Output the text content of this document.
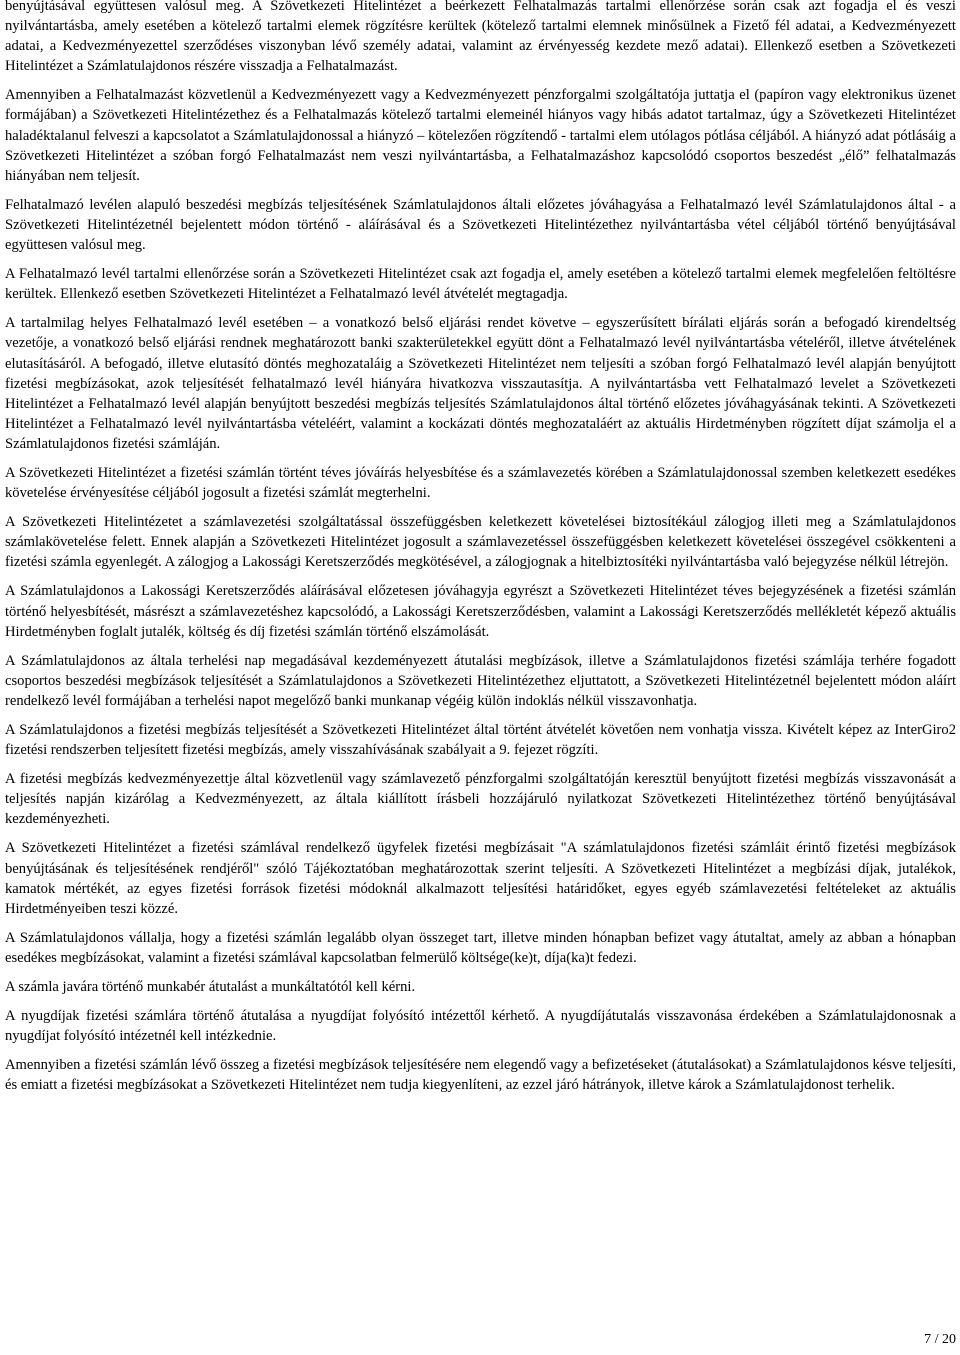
benyújtásával együttesen valósul meg. A Szövetkezeti Hitelintézet a beérkezett Felhatalmazás tartalmi ellenőrzése során csak azt fogadja el és veszi nyilvántartásba, amely esetében a kötelező tartalmi elemek rögzítésre kerültek (kötelező tartalmi elemnek minősülnek a Fizető fél adatai, a Kedvezményezett adatai, a Kedvezményezettel szerződéses viszonyban lévő személy adatai, valamint az érvényesség kezdete mező adatai). Ellenkező esetben a Szövetkezeti Hitelintézet a Számlatulajdonos részére visszadja a Felhatalmazást.

Amennyiben a Felhatalmazást közvetlenül a Kedvezményezett vagy a Kedvezményezett pénzforgalmi szolgáltatója juttatja el (papíron vagy elektronikus üzenet formájában) a Szövetkezeti Hitelintézethez és a Felhatalmazás kötelező tartalmi elemeinél hiányos vagy hibás adatot tartalmaz, úgy a Szövetkezeti Hitelintézet haladéktalanul felveszi a kapcsolatot a Számlatulajdonossal a hiányzó – kötelezően rögzítendő - tartalmi elem utólagos pótlása céljából. A hiányzó adat pótlásáig a Szövetkezeti Hitelintézet a szóban forgó Felhatalmazást nem veszi nyilvántartásba, a Felhatalmazáshoz kapcsolódó csoportos beszedést „élő” felhatalmazás hiányában nem teljesít.

Felhatalmazó levélen alapuló beszedési megbízás teljesítésének Számlatulajdonos általi előzetes jóváhagyása a Felhatalmazó levél Számlatulajdonos által - a Szövetkezeti Hitelintézetnél bejelentett módon történő - aláírásával és a Szövetkezeti Hitelintézethez nyilvántartásba vétel céljából történő benyújtásával együttesen valósul meg.

A Felhatalmazó levél tartalmi ellenőrzése során a Szövetkezeti Hitelintézet csak azt fogadja el, amely esetében a kötelező tartalmi elemek megfelelően feltöltésre kerültek. Ellenkező esetben Szövetkezeti Hitelintézet a Felhatalmazó levél átvételét megtagadja.

A tartalmilag helyes Felhatalmazó levél esetében – a vonatkozó belső eljárási rendet követve – egyszerűsített bírálati eljárás során a befogadó kirendeltség vezetője, a vonatkozó belső eljárási rendnek meghatározott banki szakterületekkel együtt dönt a Felhatalmazó levél nyilvántartásba vételéről, illetve átvételének elutasításáról. A befogadó, illetve elutasító döntés meghozataláig a Szövetkezeti Hitelintézet nem teljesíti a szóban forgó Felhatalmazó levél alapján benyújtott fizetési megbízásokat, azok teljesítését felhatalmazó levél hiányára hivatkozva visszautasítja. A nyilvántartásba vett Felhatalmazó levelet a Szövetkezeti Hitelintézet a Felhatalmazó levél alapján benyújtott beszedési megbízás teljesítés Számlatulajdonos által történő előzetes jóváhagyásának tekinti. A Szövetkezeti Hitelintézet a Felhatalmazó levél nyilvántartásba vételéért, valamint a kockázati döntés meghozataláért az aktuális Hirdetményben rögzített díjat számolja el a Számlatulajdonos fizetési számláján.

A Szövetkezeti Hitelintézet a fizetési számlán történt téves jóváírás helyesbítése és a számlavezetés körében a Számlatulajdonossal szemben keletkezett esedékes követelése érvényesítése céljából jogosult a fizetési számlát megterhelni.

A Szövetkezeti Hitelintézetet a számlavezetési szolgáltatással összefüggésben keletkezett követelései biztosítékául zálogjog illeti meg a Számlatulajdonos számlakövetelése felett. Ennek alapján a Szövetkezeti Hitelintézet jogosult a számlavezetéssel összefüggésben keletkezett követelései összegével csökkenteni a fizetési számla egyenlegét. A zálogjog a Lakossági Keretszerződés megkötésével, a zálogjognak a hitelbiztosítéki nyilvántartásba való bejegyzése nélkül létrejön.

A Számlatulajdonos a Lakossági Keretszerződés aláírásával előzetesen jóváhagyja egyrészt a Szövetkezeti Hitelintézet téves bejegyzésének a fizetési számlán történő helyesbítését, másrészt a számlavezetéshez kapcsolódó, a Lakossági Keretszerződésben, valamint a Lakossági Keretszerződés mellékletét képező aktuális Hirdetményben foglalt jutalék, költség és díj fizetési számlán történő elszámolását.

A Számlatulajdonos az általa terhelési nap megadásával kezdeményezett átutalási megbízások, illetve a Számlatulajdonos fizetési számlája terhére fogadott csoportos beszedési megbízások teljesítését a Számlatulajdonos a Szövetkezeti Hitelintézethez eljuttatott, a Szövetkezeti Hitelintézetnél bejelentett módon aláírt rendelkező levél formájában a terhelési napot megelőző banki munkanap végéig külön indoklás nélkül visszavonhatja.

A Számlatulajdonos a fizetési megbízás teljesítését a Szövetkezeti Hitelintézet által történt átvételét követően nem vonhatja vissza. Kivételt képez az InterGiro2 fizetési rendszerben teljesített fizetési megbízás, amely visszahívásának szabályait a 9. fejezet rögzíti.

A fizetési megbízás kedvezményezettje által közvetlenül vagy számlavezető pénzforgalmi szolgáltatóján keresztül benyújtott fizetési megbízás visszavonását a teljesítés napján kizárólag a Kedvezményezett, az általa kiállított írásbeli hozzájáruló nyilatkozat Szövetkezeti Hitelintézethez történő benyújtásával kezdeményezheti.

A Szövetkezeti Hitelintézet a fizetési számlával rendelkező ügyfelek fizetési megbízásait "A számlatulajdonos fizetési számláit érintő fizetési megbízások benyújtásának és teljesítésének rendjéről" szóló Tájékoztatóban meghatározottak szerint teljesíti. A Szövetkezeti Hitelintézet a megbízási díjak, jutalékok, kamatok mértékét, az egyes fizetési források fizetési módoknál alkalmazott teljesítési határidőket, egyes egyéb számlavezetési feltételeket az aktuális Hirdetményeiben teszi közzé.

A Számlatulajdonos vállalja, hogy a fizetési számlán legalább olyan összeget tart, illetve minden hónapban befizet vagy átutaltat, amely az abban a hónapban esedékes megbízásokat, valamint a fizetési számlával kapcsolatban felmerülő költsége(ke)t, díja(ka)t fedezi.

A számla javára történő munkabér átutalást a munkáltatótól kell kérni.

A nyugdíjak fizetési számlára történő átutalása a nyugdíjat folyósító intézettől kérhető. A nyugdíjátutalás visszavonása érdekében a Számlatulajdonosnak a nyugdíjat folyósító intézetnél kell intézkednie.

Amennyiben a fizetési számlán lévő összeg a fizetési megbízások teljesítésére nem elegendő vagy a befizetéseket (átutalásokat) a Számlatulajdonos késve teljesíti, és emiatt a fizetési megbízásokat a Szövetkezeti Hitelintézet nem tudja kiegyenlíteni, az ezzel járó hátrányok, illetve károk a Számlatulajdonost terhelik.

7 / 20
